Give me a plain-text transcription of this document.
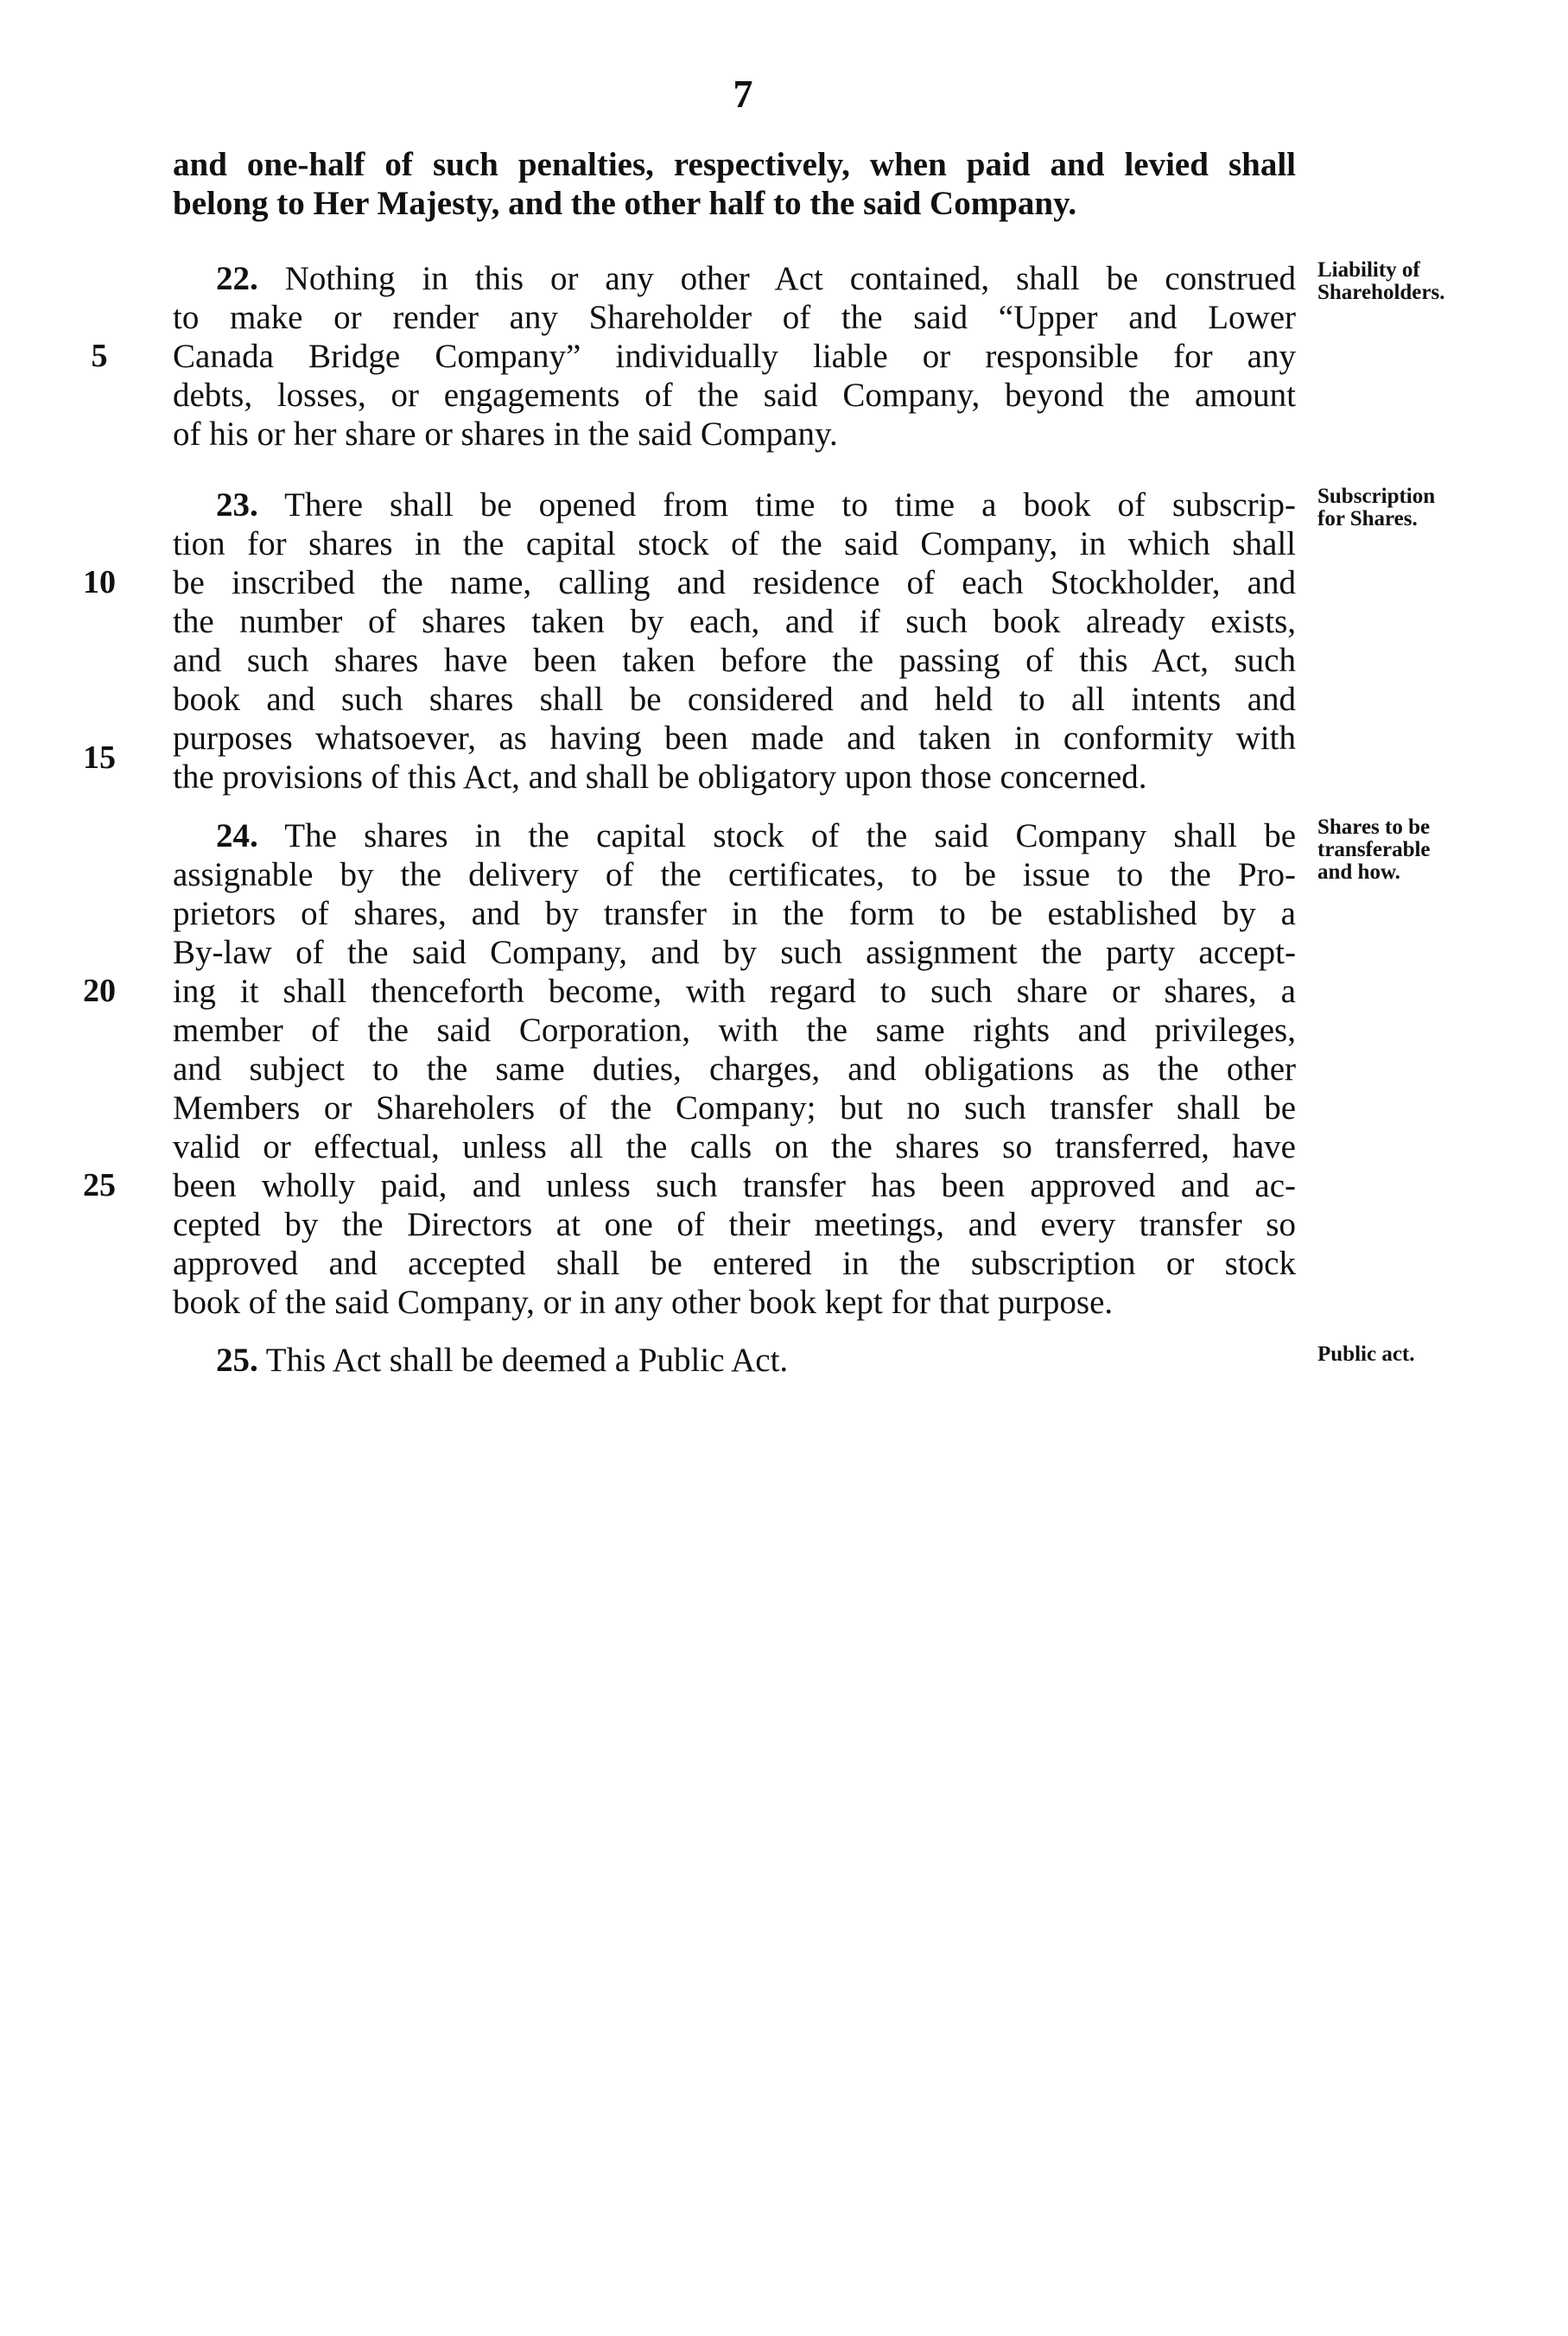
7
and one-half of such penalties, respectively, when paid and levied shall
belong to Her Majesty, and the other half to the said Company.
22. Nothing in this or any other Act contained, shall be construed
to make or render any Shareholder of the said “Upper and Lower
Canada Bridge Company” individually liable or responsible for any
debts, losses, or engagements of the said Company, beyond the amount
of his or her share or shares in the said Company.
23. There shall be opened from time to time a book of subscrip-
tion for shares in the capital stock of the said Company, in which shall
be inscribed the name, calling and residence of each Stockholder, and
the number of shares taken by each, and if such book already exists,
and such shares have been taken before the passing of this Act, such
book and such shares shall be considered and held to all intents and
purposes whatsoever, as having been made and taken in conformity with
the provisions of this Act, and shall be obligatory upon those concerned.
24. The shares in the capital stock of the said Company shall be
assignable by the delivery of the certificates, to be issue to the Pro-
prietors of shares, and by transfer in the form to be established by a
By-law of the said Company, and by such assignment the party accept-
ing it shall thenceforth become, with regard to such share or shares, a
member of the said Corporation, with the same rights and privileges,
and subject to the same duties, charges, and obligations as the other
Members or Shareholers of the Company; but no such transfer shall be
valid or effectual, unless all the calls on the shares so transferred, have
been wholly paid, and unless such transfer has been approved and ac-
cepted by the Directors at one of their meetings, and every transfer so
approved and accepted shall be entered in the subscription or stock
book of the said Company, or in any other book kept for that purpose.
25. This Act shall be deemed a Public Act.
5
10
15
20
25
Liability of Shareholders.
Subscription for Shares.
Shares to be transferable and how.
Public act.
